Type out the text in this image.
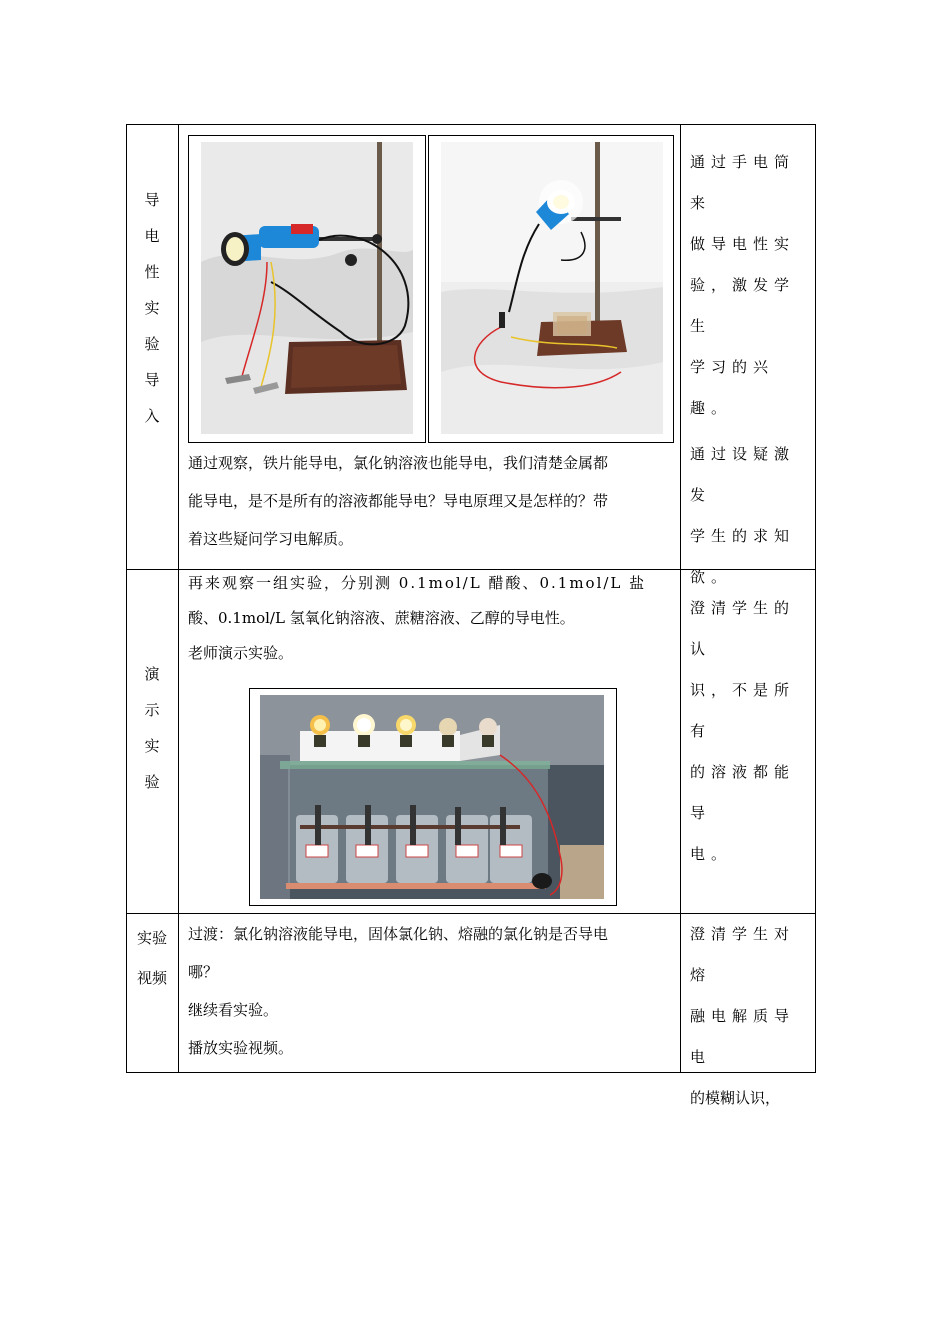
导
电
性
实
验
导
入
通过观察，铁片能导电，氯化钠溶液也能导电，我们清楚金属都
能导电，是不是所有的溶液都能导电？导电原理又是怎样的？带
着这些疑问学习电解质。
通过手电筒来
做导电性实
验，激发学生
学习的兴趣。
通过设疑激发
学生的求知
欲。
演
示
实
验
再来观察一组实验，分别测 0.1mol/L 醋酸、0.1mol/L 盐
酸、0.1mol/L 氢氧化钠溶液、蔗糖溶液、乙醇的导电性。
老师演示实验。
澄清学生的认
识，不是所有
的溶液都能导
电。
实验
视频
过渡：氯化钠溶液能导电，固体氯化钠、熔融的氯化钠是否导电
哪？
继续看实验。
播放实验视频。
澄清学生对熔
融电解质导电
的模糊认识，
